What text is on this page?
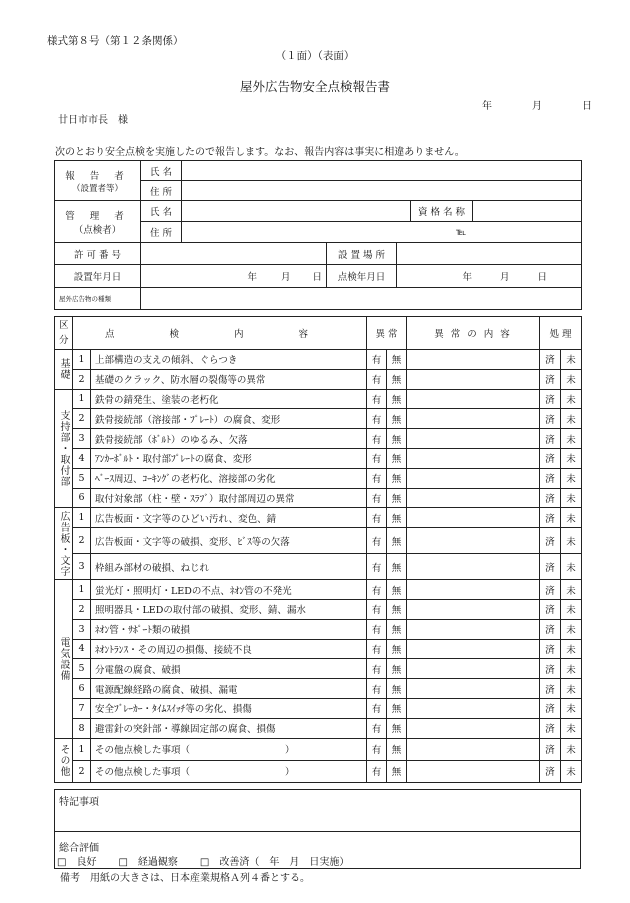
様式第８号（第１２条関係）
（１面）（表面）
屋外広告物安全点検報告書
年	月	日
廿日市市長　様
次のとおり安全点検を実施したので報告します。なお、報告内容は事実に相違ありません。
報 告 者
（設置者等）	氏 名					
	住 所					

管 理 者
（点検者）	氏 名				資 格 名 称	
	住 所	℡				
許 可 番 号			設 置 場 所			
設置年月日	年 月 日		点検年月日	年 月 日		
屋外広告物の種類						
区分	点 検 内 容		異 常		異 常 の 内 容	処 理	
基礎	1	上部構造の支えの傾斜、ぐらつき	有	無		済	未
	2	基礎のクラック、防水層の裂傷等の異常	有	無		済	未
支持部・取付部	1	鉄骨の錆発生、塗装の老朽化	有	無		済	未
	2	鉄骨接続部（溶接部・ﾌﾟﾚｰﾄ）の腐食、変形	有	無		済	未
	3	鉄骨接続部（ﾎﾞﾙﾄ）のゆるみ、欠落	有	無		済	未
	4	ｱﾝｶｰﾎﾞﾙﾄ・取付部ﾌﾟﾚｰﾄの腐食、変形	有	無		済	未
	5	ﾍﾞｰｽ周辺、ｺｰｷﾝｸﾞの老朽化、溶接部の劣化	有	無		済	未
	6	取付対象部（柱・壁・ｽﾗﾌﾞ）取付部周辺の異常	有	無		済	未
広告板・文字	1	広告板面・文字等のひどい汚れ、変色、錆	有	無		済	未
	2	広告板面・文字等の破損、変形、ﾋﾞｽ等の欠落	有	無		済	未
	3	枠組み部材の破損、ねじれ	有	無		済	未
電気設備	1	蛍光灯・照明灯・LEDの不点、ﾈｵﾝ管の不発光	有	無		済	未
	2	照明器具・LEDの取付部の破損、変形、錆、漏水	有	無		済	未
	3	ﾈｵﾝ管・ｻﾎﾟｰﾄ類の破損	有	無		済	未
	4	ﾈｵﾝﾄﾗﾝｽ・その周辺の損傷、接続不良	有	無		済	未
	5	分電盤の腐食、破損	有	無		済	未
	6	電源配線経路の腐食、破損、漏電	有	無		済	未
	7	安全ﾌﾞﾚｰｶｰ・ﾀｲﾑｽｲｯﾁ等の劣化、損傷	有	無		済	未
	8	避雷針の突針部・導線固定部の腐食、損傷	有	無		済	未
その他	1	その他点検した事項（　　　　　　　　　　）	有	無		済	未
	2	その他点検した事項（　　　　　　　　　　）	有	無		済	未
特記事項
総合評価
□　良好 □　経過観察 □　改善済（　年　月　日実施）
備考　用紙の大きさは、日本産業規格Ａ列４番とする。
